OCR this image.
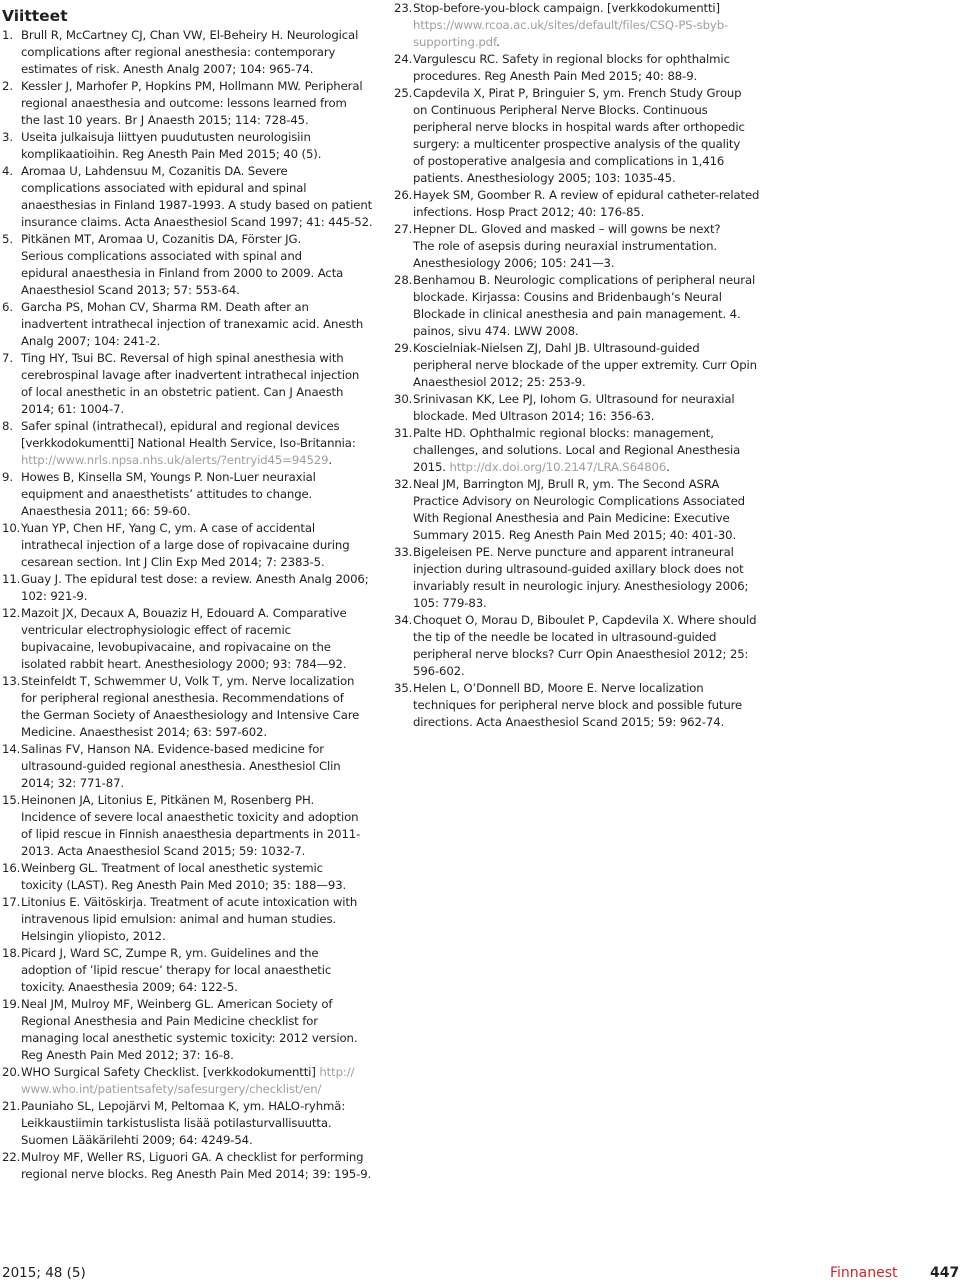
Viitteet
1. Brull R, McCartney CJ, Chan VW, El-Beheiry H. Neurological
complications after regional anesthesia: contemporary
estimates of risk. Anesth Analg 2007; 104: 965-74.
2. Kessler J, Marhofer P, Hopkins PM, Hollmann MW. Peripheral
regional anaesthesia and outcome: lessons learned from
the last 10 years. Br J Anaesth 2015; 114: 728-45.
3. Useita julkaisuja liittyen puudutusten neurologisiin
komplikaatioihin. Reg Anesth Pain Med 2015; 40 (5).
4. Aromaa U, Lahdensuu M, Cozanitis DA. Severe
complications associated with epidural and spinal
anaesthesias in Finland 1987-1993. A study based on patient
insurance claims. Acta Anaesthesiol Scand 1997; 41: 445-52.
5. Pitkänen MT, Aromaa U, Cozanitis DA, Förster JG.
Serious complications associated with spinal and
epidural anaesthesia in Finland from 2000 to 2009. Acta
Anaesthesiol Scand 2013; 57: 553-64.
6. Garcha PS, Mohan CV, Sharma RM. Death after an
inadvertent intrathecal injection of tranexamic acid. Anesth
Analg 2007; 104: 241-2.
7. Ting HY, Tsui BC. Reversal of high spinal anesthesia with
cerebrospinal lavage after inadvertent intrathecal injection
of local anesthetic in an obstetric patient. Can J Anaesth
2014; 61: 1004-7.
8. Safer spinal (intrathecal), epidural and regional devices
[verkkodokumentti] National Health Service, Iso-Britannia:
http://www.nrls.npsa.nhs.uk/alerts/?entryid45=94529.
9. Howes B, Kinsella SM, Youngs P. Non-Luer neuraxial
equipment and anaesthetists’ attitudes to change.
Anaesthesia 2011; 66: 59-60.
10. Yuan YP, Chen HF, Yang C, ym. A case of accidental
intrathecal injection of a large dose of ropivacaine during
cesarean section. Int J Clin Exp Med 2014; 7: 2383-5.
11. Guay J. The epidural test dose: a review. Anesth Analg 2006;
102: 921-9.
12. Mazoit JX, Decaux A, Bouaziz H, Edouard A. Comparative
ventricular electrophysiologic effect of racemic
bupivacaine, levobupivacaine, and ropivacaine on the
isolated rabbit heart. Anesthesiology 2000; 93: 784—92.
13. Steinfeldt T, Schwemmer U, Volk T, ym. Nerve localization
for peripheral regional anesthesia. Recommendations of
the German Society of Anaesthesiology and Intensive Care
Medicine. Anaesthesist 2014; 63: 597-602.
14. Salinas FV, Hanson NA. Evidence-based medicine for
ultrasound-guided regional anesthesia. Anesthesiol Clin
2014; 32: 771-87.
15. Heinonen JA, Litonius E, Pitkänen M, Rosenberg PH.
Incidence of severe local anaesthetic toxicity and adoption
of lipid rescue in Finnish anaesthesia departments in 2011-
2013. Acta Anaesthesiol Scand 2015; 59: 1032-7.
16. Weinberg GL. Treatment of local anesthetic systemic
toxicity (LAST). Reg Anesth Pain Med 2010; 35: 188—93.
17. Litonius E. Väitöskirja. Treatment of acute intoxication with
intravenous lipid emulsion: animal and human studies.
Helsingin yliopisto, 2012.
18. Picard J, Ward SC, Zumpe R, ym. Guidelines and the
adoption of ’lipid rescue’ therapy for local anaesthetic
toxicity. Anaesthesia 2009; 64: 122-5.
19. Neal JM, Mulroy MF, Weinberg GL. American Society of
Regional Anesthesia and Pain Medicine checklist for
managing local anesthetic systemic toxicity: 2012 version.
Reg Anesth Pain Med 2012; 37: 16-8.
20. WHO Surgical Safety Checklist. [verkkodokumentti] http://
www.who.int/patientsafety/safesurgery/checklist/en/
21. Pauniaho SL, Lepojärvi M, Peltomaa K, ym. HALO-ryhmä:
Leikkaustiimin tarkistuslista lisää potilasturvallisuutta.
Suomen Lääkärilehti 2009; 64: 4249-54.
22. Mulroy MF, Weller RS, Liguori GA. A checklist for performing
regional nerve blocks. Reg Anesth Pain Med 2014; 39: 195-9.
23. Stop-before-you-block campaign. [verkkodokumentti]
https://www.rcoa.ac.uk/sites/default/files/CSQ-PS-sbyb-
supporting.pdf.
24. Vargulescu RC. Safety in regional blocks for ophthalmic
procedures. Reg Anesth Pain Med 2015; 40: 88-9.
25. Capdevila X, Pirat P, Bringuier S, ym. French Study Group
on Continuous Peripheral Nerve Blocks. Continuous
peripheral nerve blocks in hospital wards after orthopedic
surgery: a multicenter prospective analysis of the quality
of postoperative analgesia and complications in 1,416
patients. Anesthesiology 2005; 103: 1035-45.
26. Hayek SM, Goomber R. A review of epidural catheter-related
infections. Hosp Pract 2012; 40: 176-85.
27. Hepner DL. Gloved and masked – will gowns be next?
The role of asepsis during neuraxial instrumentation.
Anesthesiology 2006; 105: 241—3.
28. Benhamou B. Neurologic complications of peripheral neural
blockade. Kirjassa: Cousins and Bridenbaugh’s Neural
Blockade in clinical anesthesia and pain management. 4.
painos, sivu 474. LWW 2008.
29. Koscielniak-Nielsen ZJ, Dahl JB. Ultrasound-guided
peripheral nerve blockade of the upper extremity. Curr Opin
Anaesthesiol 2012; 25: 253-9.
30. Srinivasan KK, Lee PJ, Iohom G. Ultrasound for neuraxial
blockade. Med Ultrason 2014; 16: 356-63.
31. Palte HD. Ophthalmic regional blocks: management,
challenges, and solutions. Local and Regional Anesthesia
2015. http://dx.doi.org/10.2147/LRA.S64806.
32. Neal JM, Barrington MJ, Brull R, ym. The Second ASRA
Practice Advisory on Neurologic Complications Associated
With Regional Anesthesia and Pain Medicine: Executive
Summary 2015. Reg Anesth Pain Med 2015; 40: 401-30.
33. Bigeleisen PE. Nerve puncture and apparent intraneural
injection during ultrasound-guided axillary block does not
invariably result in neurologic injury. Anesthesiology 2006;
105: 779-83.
34. Choquet O, Morau D, Biboulet P, Capdevila X. Where should
the tip of the needle be located in ultrasound-guided
peripheral nerve blocks? Curr Opin Anaesthesiol 2012; 25:
596-602.
35. Helen L, O’Donnell BD, Moore E. Nerve localization
techniques for peripheral nerve block and possible future
directions. Acta Anaesthesiol Scand 2015; 59: 962-74.
2015; 48 (5)	Finnanest 447
